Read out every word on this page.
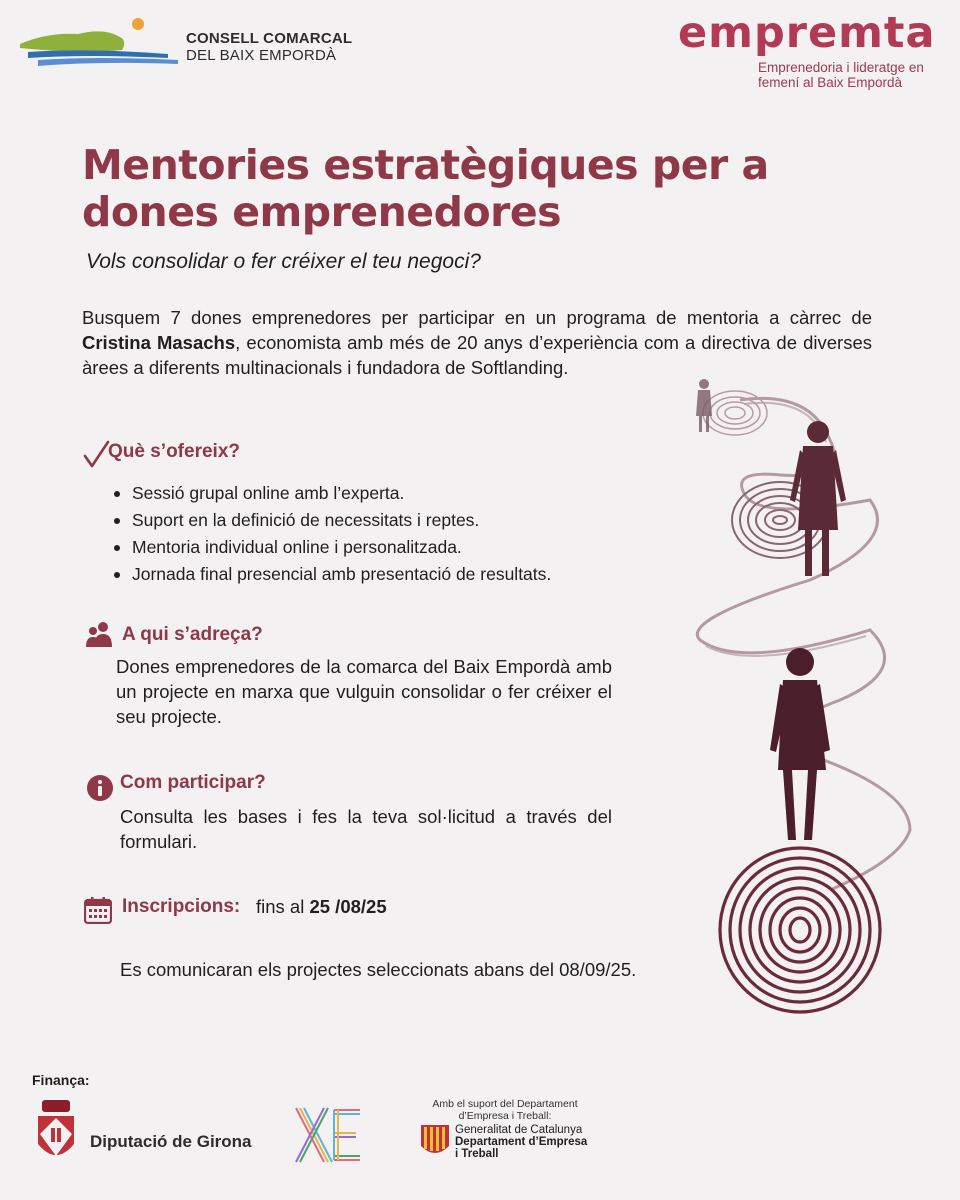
CONSELL COMARCAL
DEL BAIX EMPORDÀ	empremta
Emprenedoria i lideratge en
femení al Baix Empordà
Mentories estratègiques per a dones emprenedores
Vols consolidar o fer créixer el teu negoci?
Busquem 7 dones emprenedores per participar en un programa de mentoria a càrrec de Cristina Masachs, economista amb més de 20 anys d’experiència com a directiva de diverses àrees a diferents multinacionals i fundadora de Softlanding.
Què s’ofereix?
Sessió grupal online amb l’experta.
Suport en la definició de necessitats i reptes.
Mentoria individual online i personalitzada.
Jornada final presencial amb presentació de resultats.
A qui s’adreça?
Dones emprenedores de la comarca del Baix Empordà amb un projecte en marxa que vulguin consolidar o fer créixer el seu projecte.
Com participar?
Consulta les bases i fes la teva sol·licitud a través del formulari.
Inscripcions: fins al 25 /08/25
Es comunicaran els projectes seleccionats abans del 08/09/25.
Finança:
Diputació de Girona
Amb el suport del Departament d’Empresa i Treball:
Generalitat de Catalunya
Departament d’Empresa
i Treball
